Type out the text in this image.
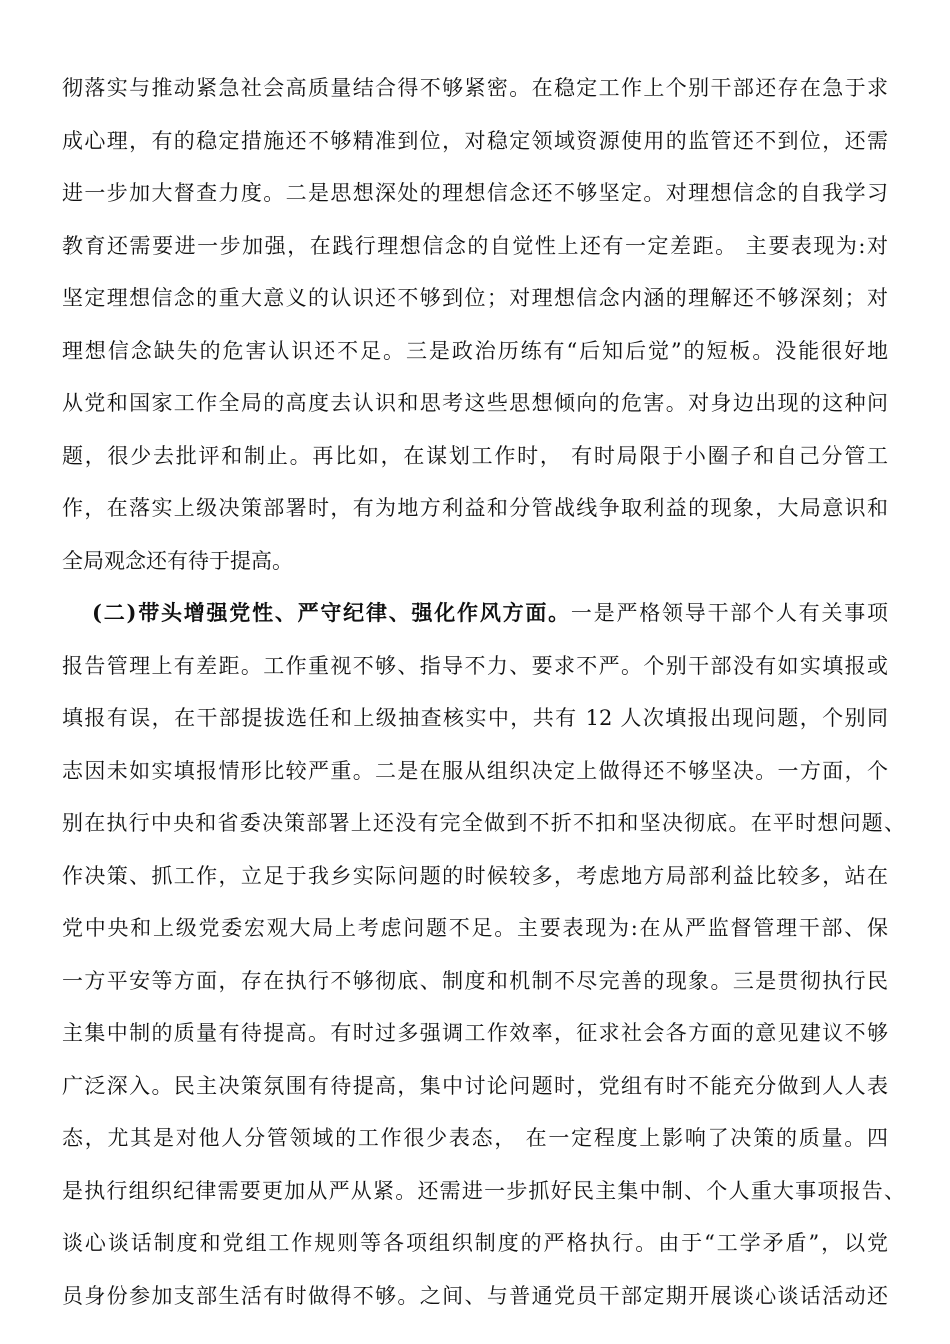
彻落实与推动紧急社会高质量结合得不够紧密。在稳定工作上个别干部还存在急于求
成心理，有的稳定措施还不够精准到位，对稳定领域资源使用的监管还不到位，还需
进一步加大督查力度。二是思想深处的理想信念还不够坚定。对理想信念的自我学习
教育还需要进一步加强，在践行理想信念的自觉性上还有一定差距。 主要表现为:对
坚定理想信念的重大意义的认识还不够到位；对理想信念内涵的理解还不够深刻；对
理想信念缺失的危害认识还不足。三是政治历练有“后知后觉”的短板。没能很好地
从党和国家工作全局的高度去认识和思考这些思想倾向的危害。对身边出现的这种问
题，很少去批评和制止。再比如，在谋划工作时， 有时局限于小圈子和自己分管工
作，在落实上级决策部署时，有为地方利益和分管战线争取利益的现象，大局意识和
全局观念还有待于提高。
(二)带头增强党性、严守纪律、强化作风方面。一是严格领导干部个人有关事项
报告管理上有差距。工作重视不够、指导不力、要求不严。个别干部没有如实填报或
填报有误，在干部提拔选任和上级抽查核实中，共有 12 人次填报出现问题，个别同
志因未如实填报情形比较严重。二是在服从组织决定上做得还不够坚决。一方面，个
别在执行中央和省委决策部署上还没有完全做到不折不扣和坚决彻底。在平时想问题、
作决策、抓工作，立足于我乡实际问题的时候较多，考虑地方局部利益比较多，站在
党中央和上级党委宏观大局上考虑问题不足。主要表现为:在从严监督管理干部、保
一方平安等方面，存在执行不够彻底、制度和机制不尽完善的现象。三是贯彻执行民
主集中制的质量有待提高。有时过多强调工作效率，征求社会各方面的意见建议不够
广泛深入。民主决策氛围有待提高，集中讨论问题时，党组有时不能充分做到人人表
态，尤其是对他人分管领域的工作很少表态， 在一定程度上影响了决策的质量。四
是执行组织纪律需要更加从严从紧。还需进一步抓好民主集中制、个人重大事项报告、
谈心谈话制度和党组工作规则等各项组织制度的严格执行。由于“工学矛盾”，以党
员身份参加支部生活有时做得不够。之间、与普通党员干部定期开展谈心谈话活动还
